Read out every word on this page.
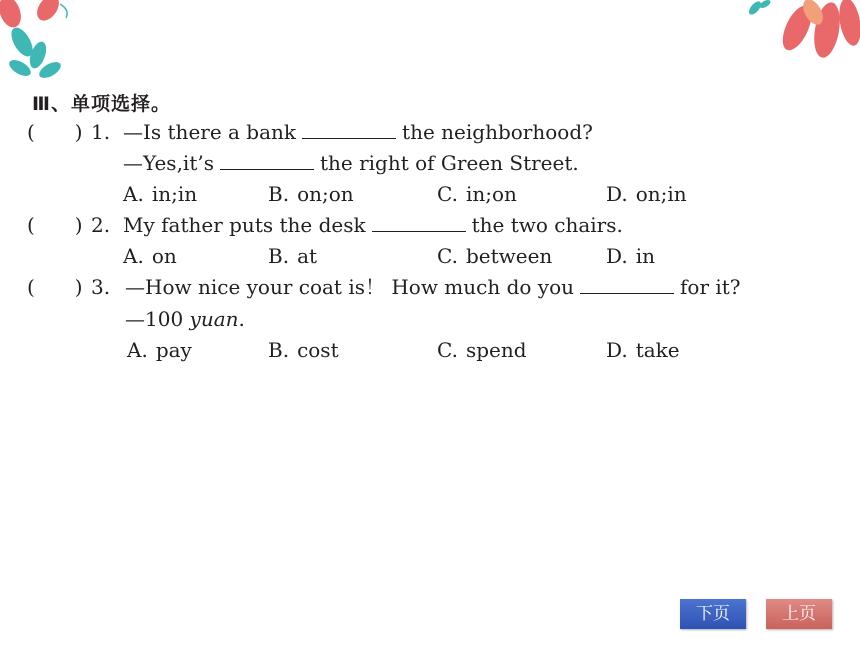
Ⅲ、单项选择。
(　　) 1. —Is there a bank	the neighborhood?
—Yes,it’s	the right of Green Street.
A. in;in	B. on;on	C. in;on	D. on;in
(　　) 2. My father puts the desk	the two chairs.
A. on	B. at	C. between	D. in
(　　) 3. —How nice your coat is！ How much do you	for it?
—100 yuan.
A. pay	B. cost	C. spend	D. take
下页	上页
